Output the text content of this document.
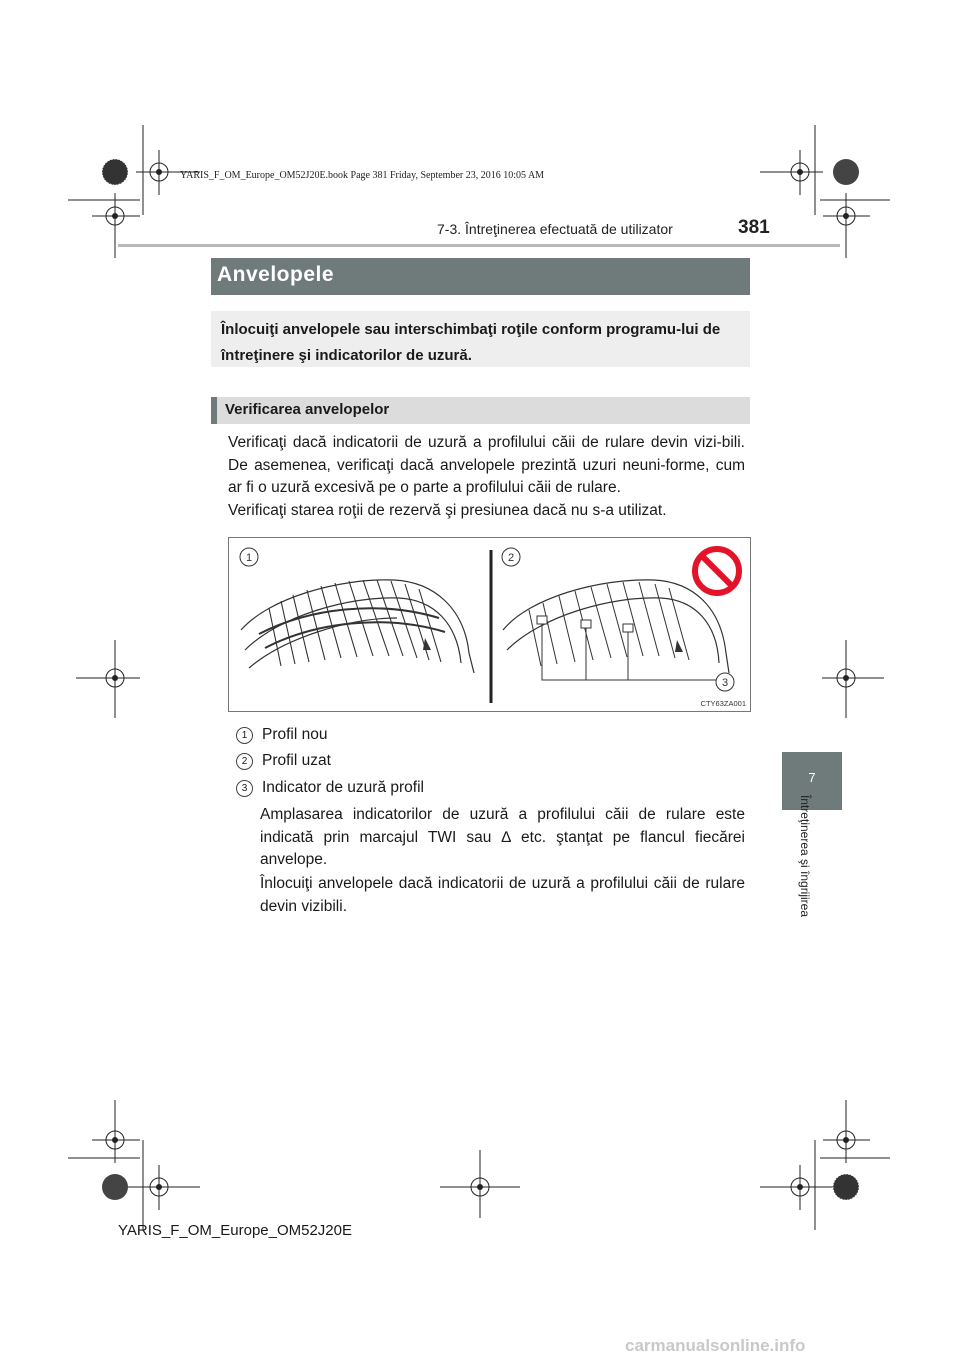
YARIS_F_OM_Europe_OM52J20E.book Page 381 Friday, September 23, 2016 10:05 AM
7-3. Întreţinerea efectuată de utilizator	381
7
Întreţinerea şi îngrijirea
Anvelopele

Înlocuiţi anvelopele sau interschimbaţi roţile conform programu-lui de întreţinere şi indicatorilor de uzură.

Verificarea anvelopelor

Verificaţi dacă indicatorii de uzură a profilului căii de rulare devin vizi-bili. De asemenea, verificaţi dacă anvelopele prezintă uzuri neuni-forme, cum ar fi o uzură excesivă pe o parte a profilului căii de rulare.

Verificaţi starea roţii de rezervă şi presiunea dacă nu s-a utilizat.

1	2
3
CTY63ZA001
1 Profil nou
2 Profil uzat
3 Indicator de uzură profil

Amplasarea indicatorilor de uzură a profilului căii de rulare este indicată prin marcajul TWI sau ∆ etc. ştanţat pe flancul fiecărei anvelope.

Înlocuiţi anvelopele dacă indicatorii de uzură a profilului căii de rulare devin vizibili.

YARIS_F_OM_Europe_OM52J20E
carmanualsonline.info
